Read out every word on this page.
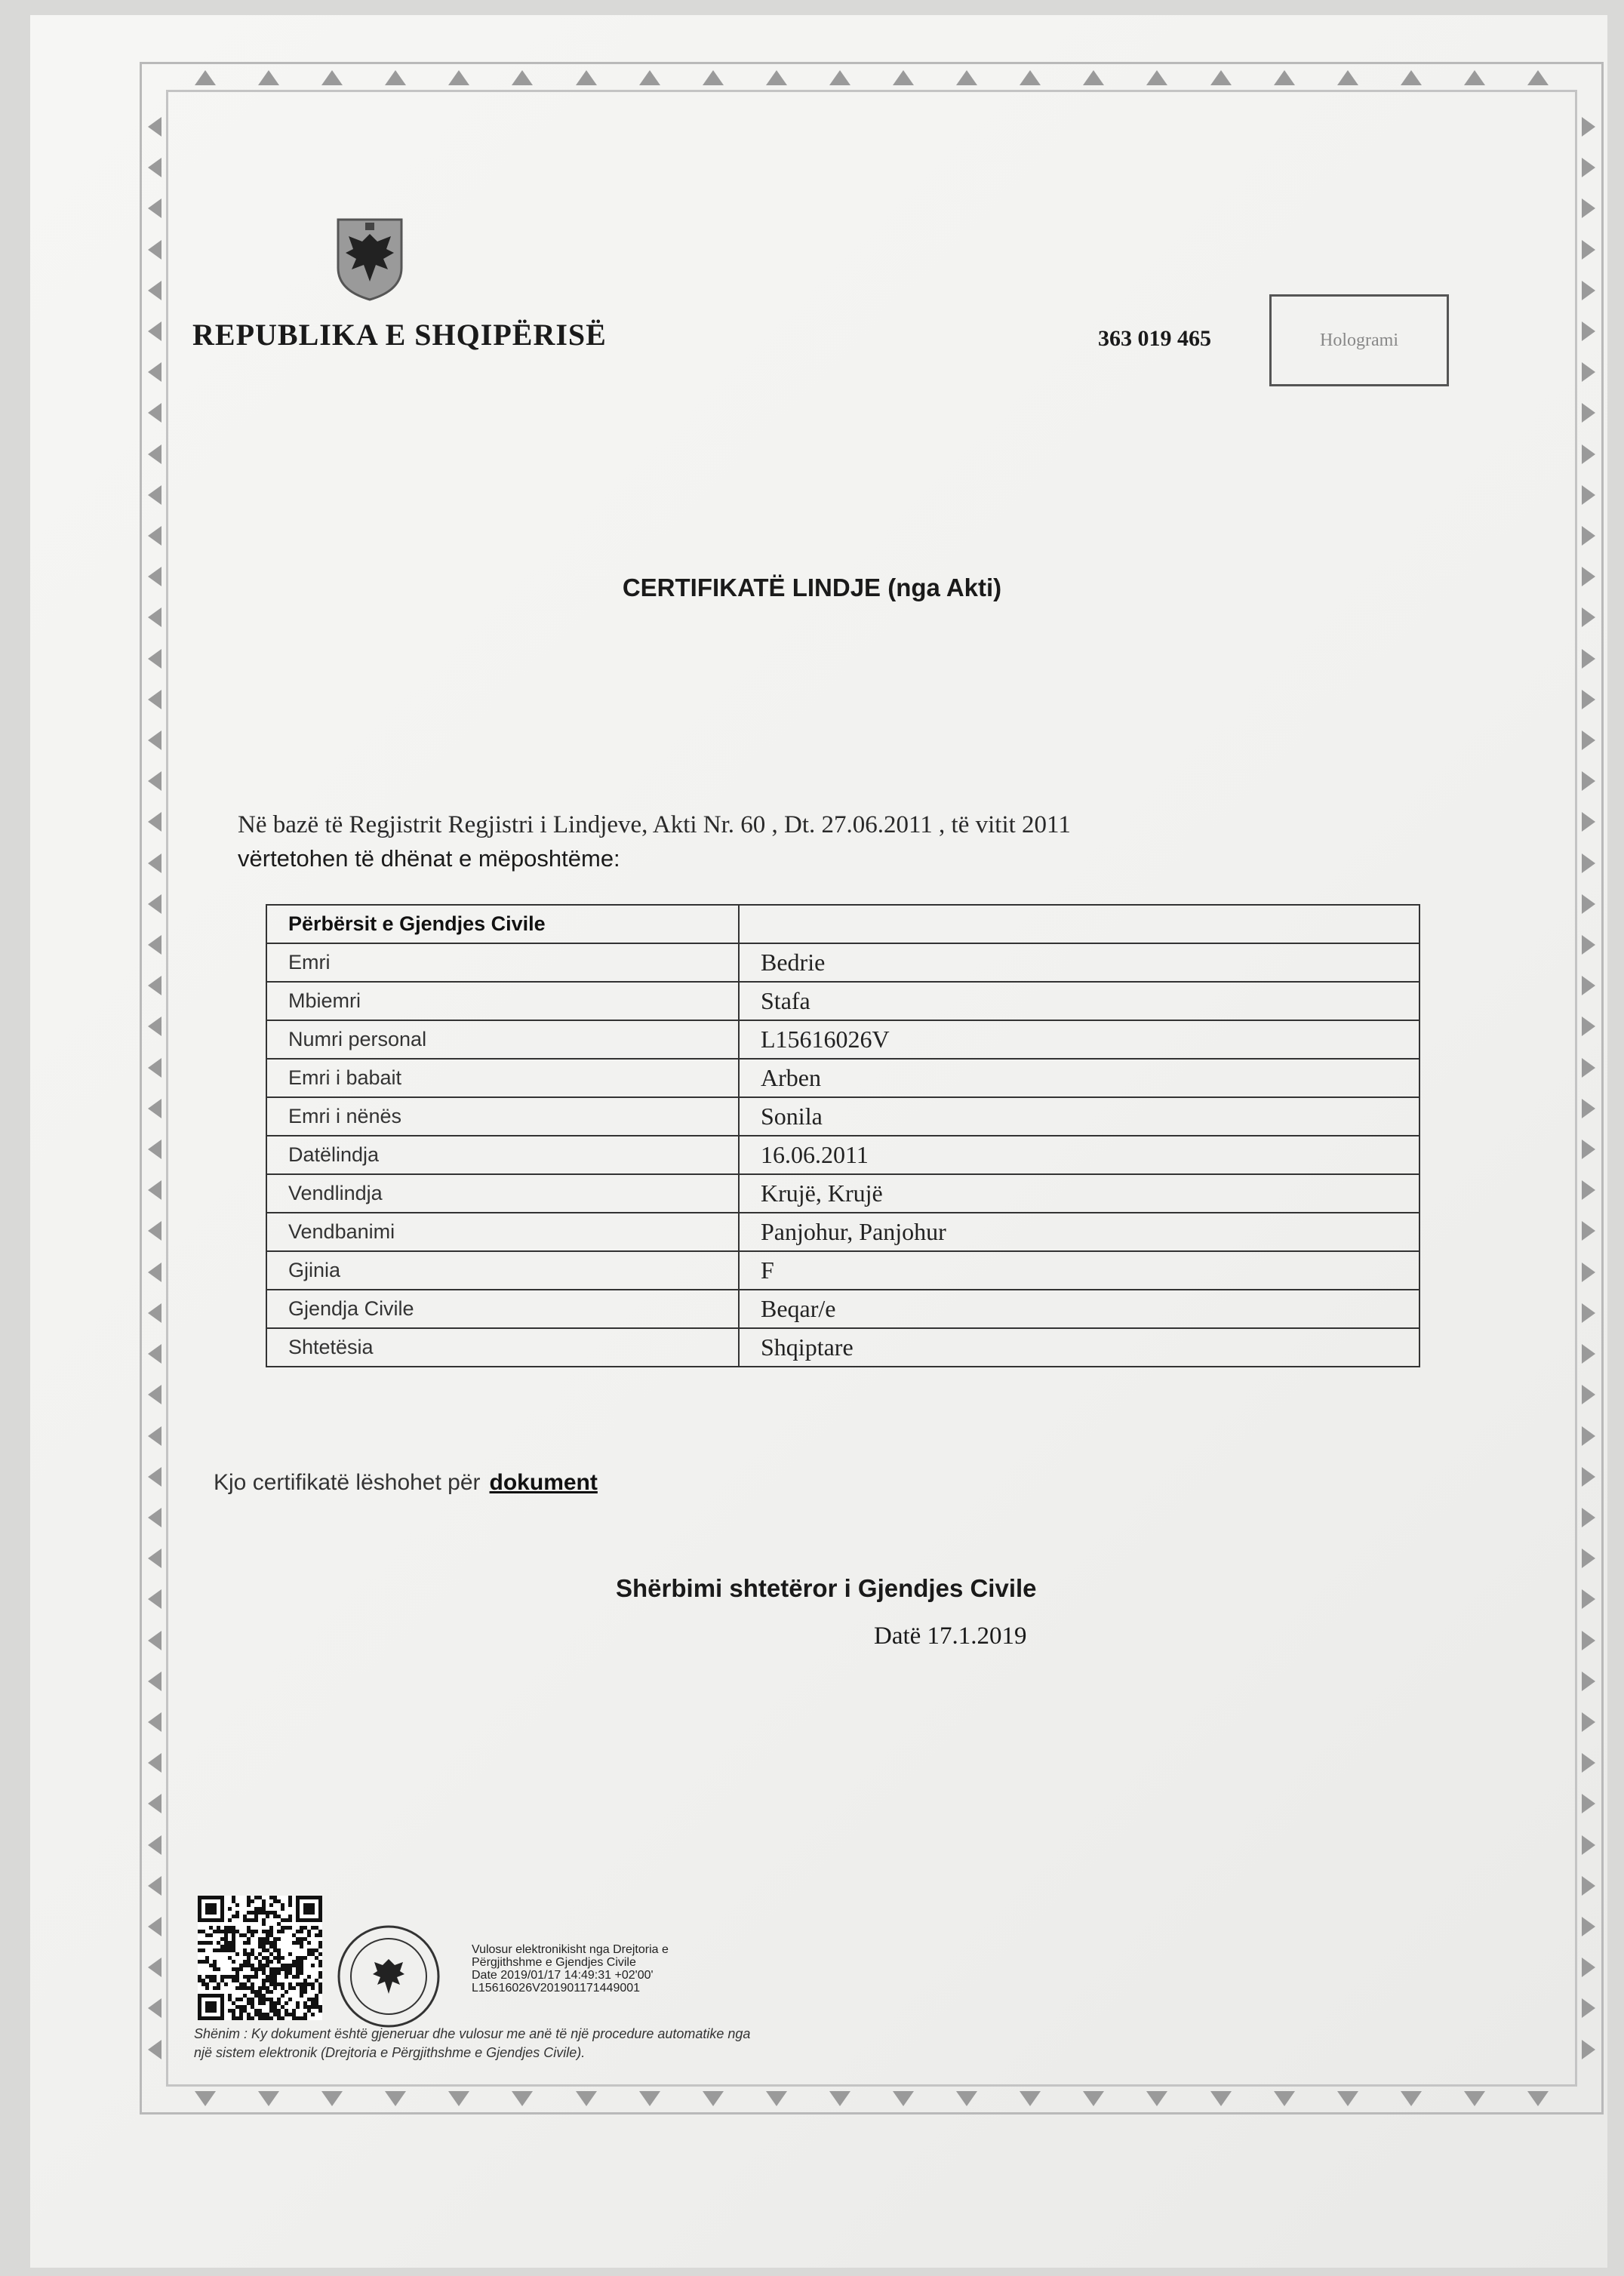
REPUBLIKA E SHQIPËRISË	363 019 465	Hologrami
CERTIFIKATË LINDJE (nga Akti)
Në bazë të Regjistrit Regjistri i Lindjeve, Akti Nr. 60 , Dt. 27.06.2011 , të vitit 2011
vërtetohen të dhënat e mëposhtëme:
Përbërsit e Gjendjes Civile	
Emri	Bedrie
Mbiemri	Stafa
Numri personal	L15616026V
Emri i babait	Arben
Emri i nënës	Sonila
Datëlindja	16.06.2011
Vendlindja	Krujë, Krujë
Vendbanimi	Panjohur, Panjohur
Gjinia	F
Gjendja Civile	Beqar/e
Shtetësia	Shqiptare
Kjo certifikatë lëshohet për dokument
Shërbimi shtetëror i Gjendjes Civile
Datë 17.1.2019
Vulosur elektronikisht nga Drejtoria e
Përgjithshme e Gjendjes Civile
Date 2019/01/17 14:49:31 +02'00'
L15616026V201901171449001
Shënim : Ky dokument është gjeneruar dhe vulosur me anë të një procedure automatike nga një sistem elektronik (Drejtoria e Përgjithshme e Gjendjes Civile).
